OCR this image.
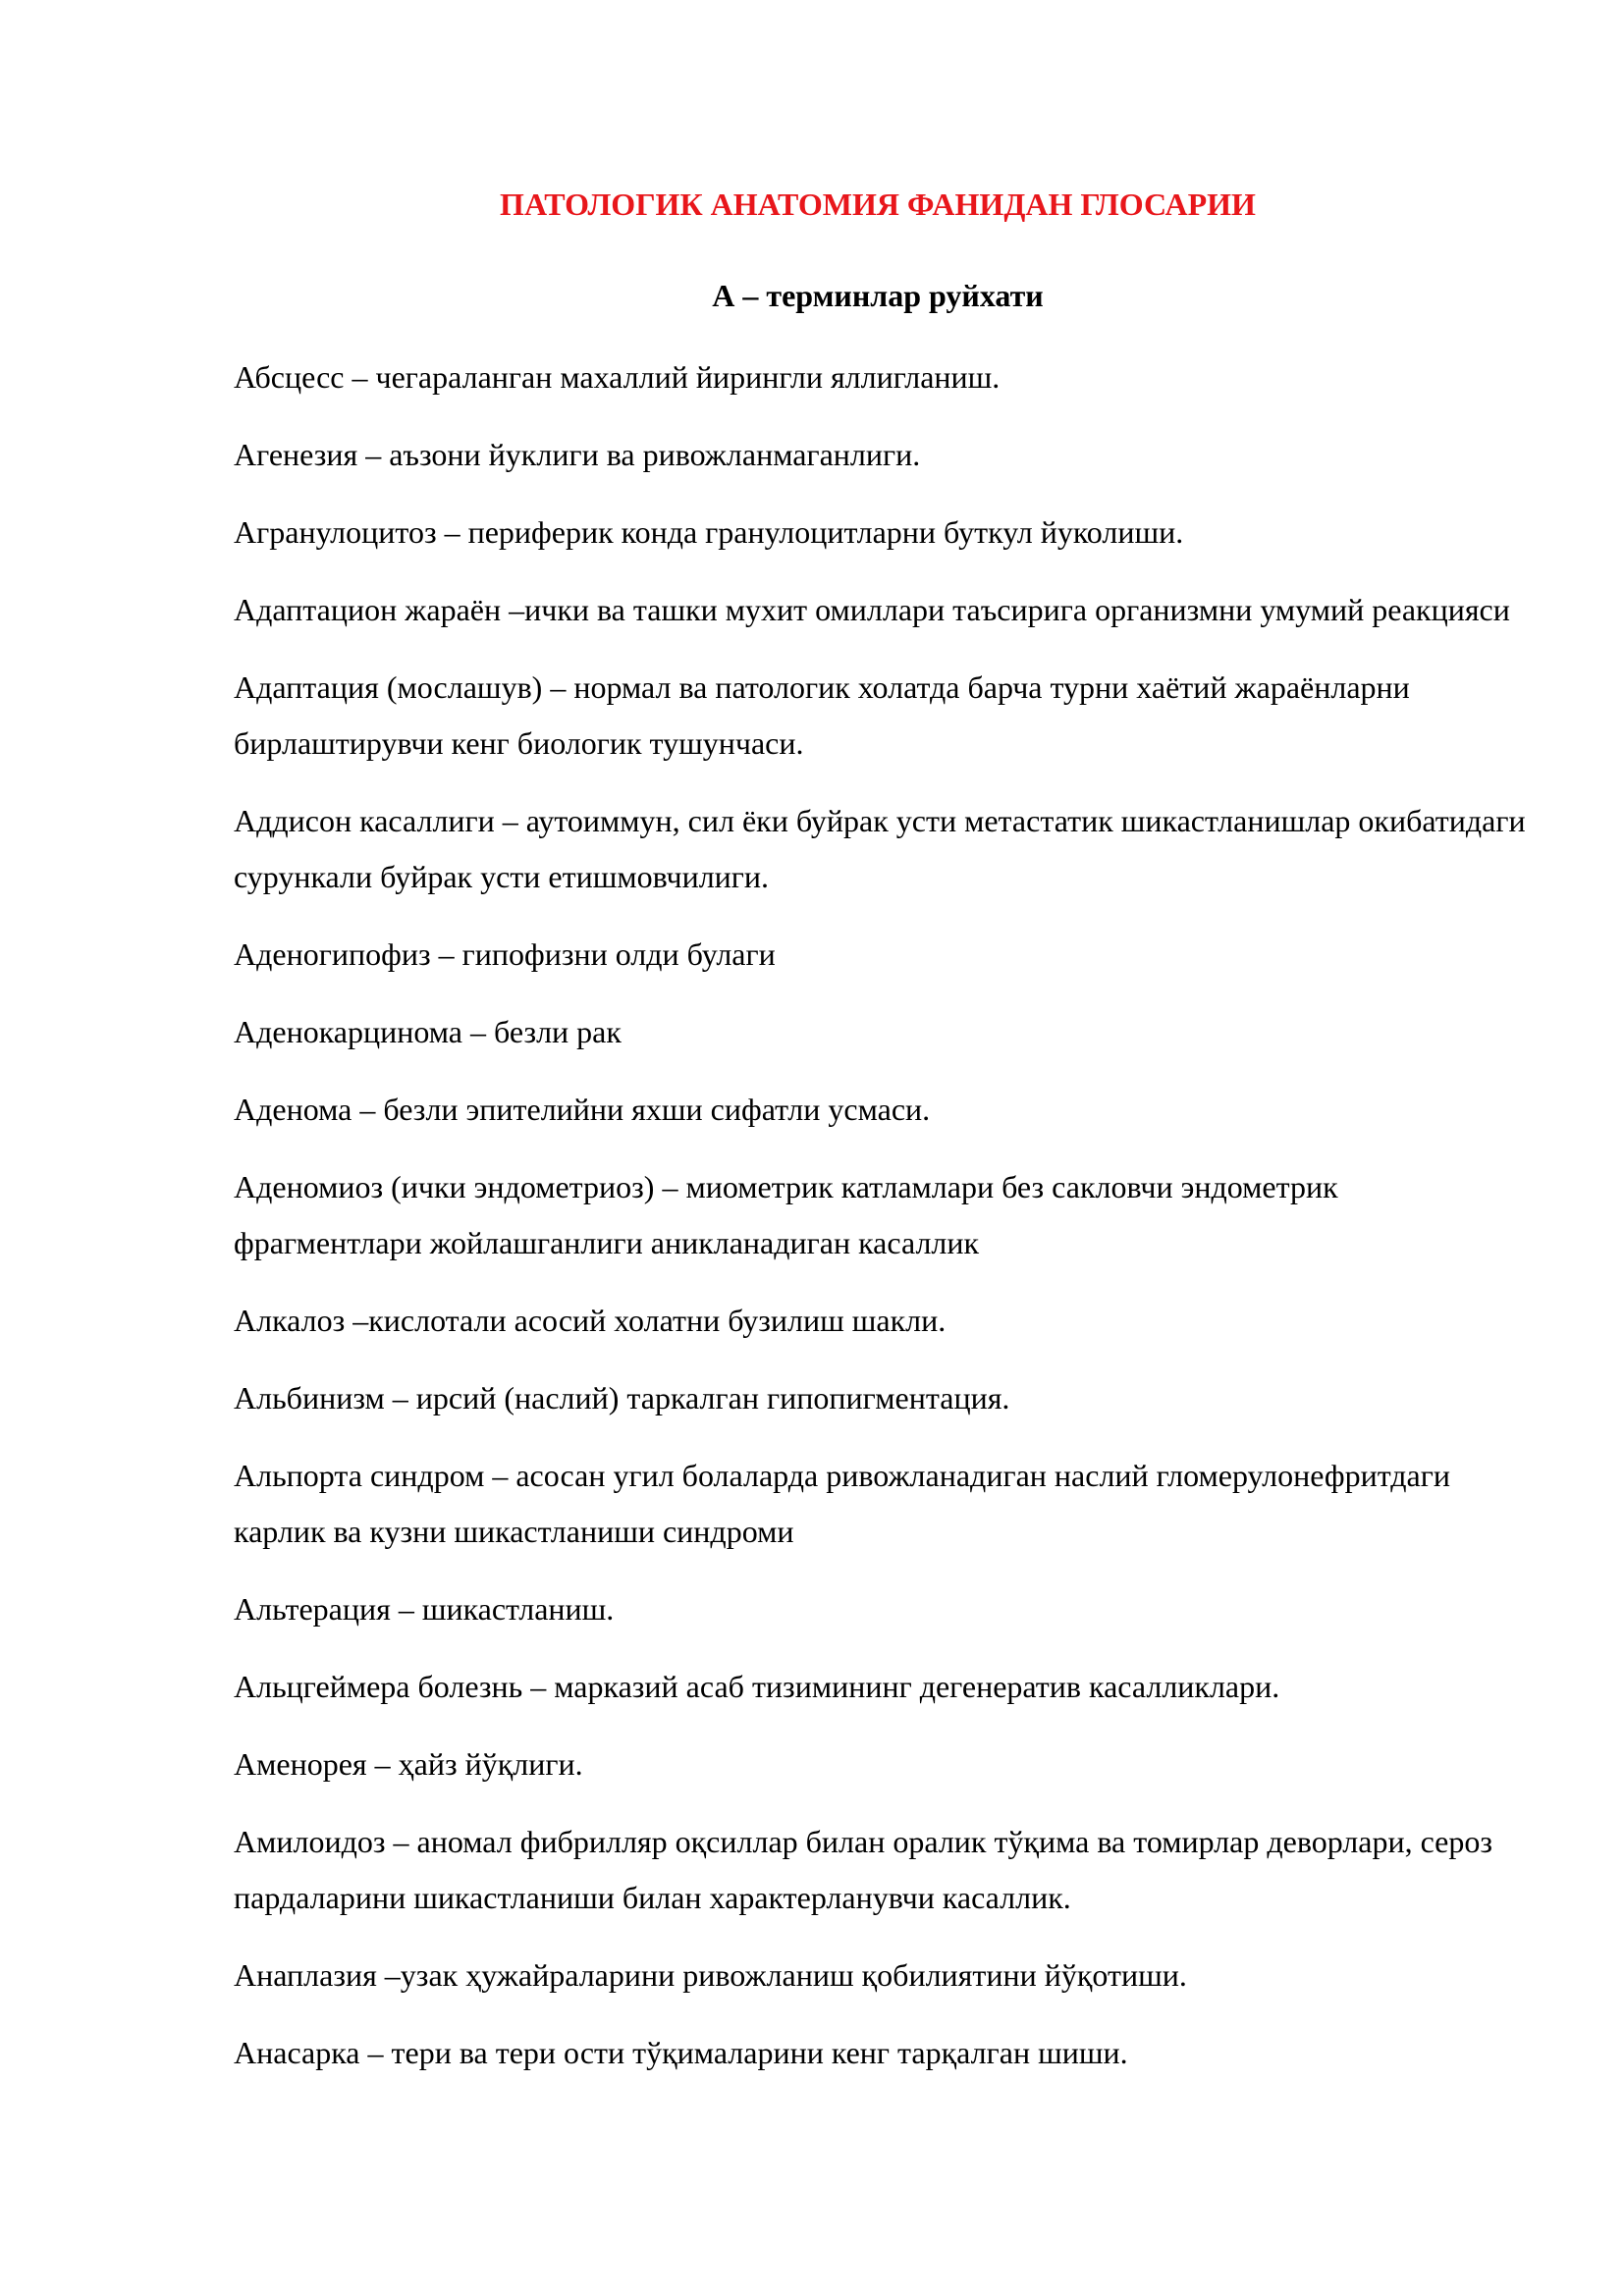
ПАТОЛОГИК АНАТОМИЯ ФАНИДАН ГЛОСАРИИ
А – терминлар руйхати
Абсцесс – чегараланган махаллий йирингли яллигланиш.
Агенезия – аъзони йуклиги ва ривожланмаганлиги.
Агранулоцитоз – периферик конда гранулоцитларни буткул йуколиши.
Адаптацион жараён –ички ва ташки мухит омиллари таъсирига организмни умумий реакцияси
Адаптация (мослашув) – нормал ва патологик холатда барча турни хаётий жараёнларни бирлаштирувчи кенг биологик тушунчаси.
Аддисон касаллиги – аутоиммун, сил ёки буйрак усти метастатик шикастланишлар окибатидаги сурункали буйрак усти етишмовчилиги.
Аденогипофиз – гипофизни олди булаги
Аденокарцинома – безли рак
Аденома – безли эпителийни яхши сифатли усмаси.
Аденомиоз (ички эндометриоз) – миометрик катламлари без сакловчи эндометрик фрагментлари жойлашганлиги аникланадиган касаллик
Алкалоз –кислотали асосий холатни бузилиш шакли.
Альбинизм – ирсий (наслий) таркалган гипопигментация.
Альпорта синдром – асосан угил болаларда ривожланадиган наслий гломерулонефритдаги карлик ва кузни шикастланиши синдроми
Альтерация – шикастланиш.
Альцгеймера болезнь – марказий асаб тизимининг дегенератив касалликлари.
Аменорея – ҳайз йўқлиги.
Амилоидоз – аномал фибрилляр оқсиллар билан оралик тўқима ва томирлар деворлари, сероз пардаларини шикастланиши билан характерланувчи касаллик.
Анаплазия –узак ҳужайраларини ривожланиш қобилиятини йўқотиши.
Анасарка – тери ва тери ости тўқималарини кенг тарқалган шиши.
